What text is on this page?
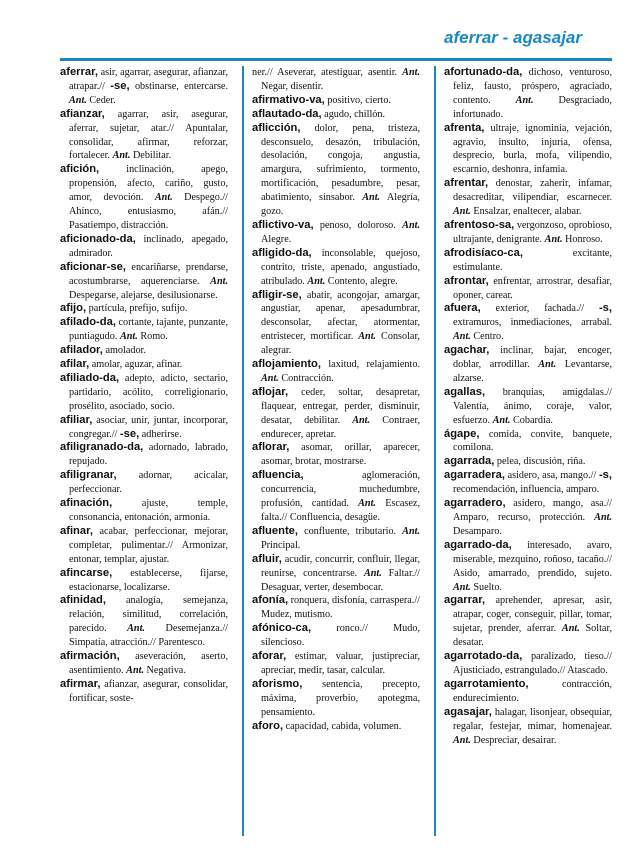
aferrar - agasajar
aferrar, asir, agarrar, asegurar, afianzar, atrapar.// -se, obstinarse, entercarse. Ant. Ceder.
afianzar, agarrar, asir, asegurar, aferrar, sujetar, atar.// Apuntalar, consolidar, afirmar, reforzar, fortalecer. Ant. Debilitar.
afición, inclinación, apego, propensión, afecto, cariño, gusto, amor, devoción. Ant. Despego.// Ahínco, entusiasmo, afán.// Pasatiempo, distracción.
aficionado-da, inclinado, apegado, admirador.
aficionar-se, encariñarse, prendarse, acostumbrarse, aquerenciarse. Ant. Despegarse, alejarse, desilusionarse.
afijo, partícula, prefijo, sufijo.
afilado-da, cortante, tajante, punzante, puntiagudo. Ant. Romo.
afilador, amolador.
afilar, amolar, aguzar, afinar.
afiliado-da, adepto, adicto, sectario, partidario, acólito, correligionario, prosélito, asociado, socio.
afiliar, asociar, unir, juntar, incorporar, congregar.// -se, adherirse.
afiligranado-da, adornado, labrado, repujado.
afiligranar, adornar, acicalar, perfeccionar.
afinación, ajuste, temple, consonancia, entonación, armonía.
afinar, acabar, perfeccionar, mejorar, completar, pulimentar.// Armonizar, entonar, templar, ajustar.
afincarse, establecerse, fijarse, estacionarse, localizarse.
afinidad, analogía, semejanza, relación, similitud, correlación, parecido. Ant. Desemejanza.// Simpatía, atracción.// Parentesco.
afirmación, aseveración, aserto, asentimiento. Ant. Negativa.
afirmar, afianzar, asegurar, consolidar, fortificar, soste-
ner.// Aseverar, atestiguar, asentir. Ant. Negar, disentir.
afirmativo-va, positivo, cierto.
aflautado-da, agudo, chillón.
aflicción, dolor, pena, tristeza, desconsuelo, desazón, tribulación, desolación, congoja, angustia, amargura, sufrimiento, tormento, mortificación, pesadumbre, pesar, abatimiento, sinsabor. Ant. Alegría, gozo.
aflictivo-va, penoso, doloroso. Ant. Alegre.
afligido-da, inconsolable, quejoso, contrito, triste, apenado, angustiado, atribulado. Ant. Contento, alegre.
afligir-se, abatir, acongojar, amargar, angustiar, apenar, apesadumbrar, desconsolar, afectar, atormentar, entristecer, mortificar. Ant. Consolar, alegrar.
aflojamiento, laxitud, relajamiento. Ant. Contracción.
aflojar, ceder, soltar, desapretar, flaquear, entregar, perder, disminuir, desatar, debilitar. Ant. Contraer, endurecer, apretar.
aflorar, asomar, orillar, aparecer, asomar, brotar, mostrarse.
afluencia, aglomeración, concurrencia, muchedumbre, profusión, cantidad. Ant. Escasez, falta.// Confluencia, desagüe.
afluente, confluente, tributario. Ant. Principal.
afluir, acudir, concurrir, confluir, llegar, reunirse, concentrarse. Ant. Faltar.// Desaguar, verter, desembocar.
afonía, ronquera, disfonía, carraspera.// Mudez, mutismo.
afónico-ca, ronco.// Mudo, silencioso.
aforar, estimar, valuar, justipreciar, apreciar, medir, tasar, calcular.
aforismo, sentencia, precepto, máxima, proverbio, apotegma, pensamiento.
aforo, capacidad, cabida, volumen.
afortunado-da, dichoso, venturoso, feliz, fausto, próspero, agraciado, contento. Ant. Desgraciado, infortunado.
afrenta, ultraje, ignominia, vejación, agravio, insulto, injuria, ofensa, desprecio, burla, mofa, vilipendio, escarnio, deshonra, infamia.
afrentar, denostar, zaherir, infamar, desacreditar, vilipendiar, escarnecer. Ant. Ensalzar, enaltecer, alabar.
afrentoso-sa, vergonzoso, oprobioso, ultrajante, denigrante. Ant. Honroso.
afrodisíaco-ca, excitante, estimulante.
afrontar, enfrentar, arrostrar, desafiar, oponer, carear.
afuera, exterior, fachada.// -s, extramuros, inmediaciones, arrabal. Ant. Centro.
agachar, inclinar, bajar, encoger, doblar, arrodillar. Ant. Levantarse, alzarse.
agallas, branquias, amígdalas.// Valentía, ánimo, coraje, valor, esfuerzo. Ant. Cobardía.
ágape, comida, convite, banquete, comilona.
agarrada, pelea, discusión, riña.
agarradera, asidero, asa, mango.// -s, recomendación, influencia, amparo.
agarradero, asidero, mango, asa.// Amparo, recurso, protección. Ant. Desamparo.
agarrado-da, interesado, avaro, miserable, mezquino, roñoso, tacaño.// Asido, amarrado, prendido, sujeto. Ant. Suelto.
agarrar, aprehender, apresar, asir, atrapar, coger, conseguir, pillar, tomar, sujetar, prender, aferrar. Ant. Soltar, desatar.
agarrotado-da, paralizado, tieso.// Ajusticiado, estrangulado.// Atascado.
agarrotamiento, contracción, endurecimiento.
agasajar, halagar, lisonjear, obsequiar, regalar, festejar, mimar, homenajear. Ant. Despreciar, desairar.
